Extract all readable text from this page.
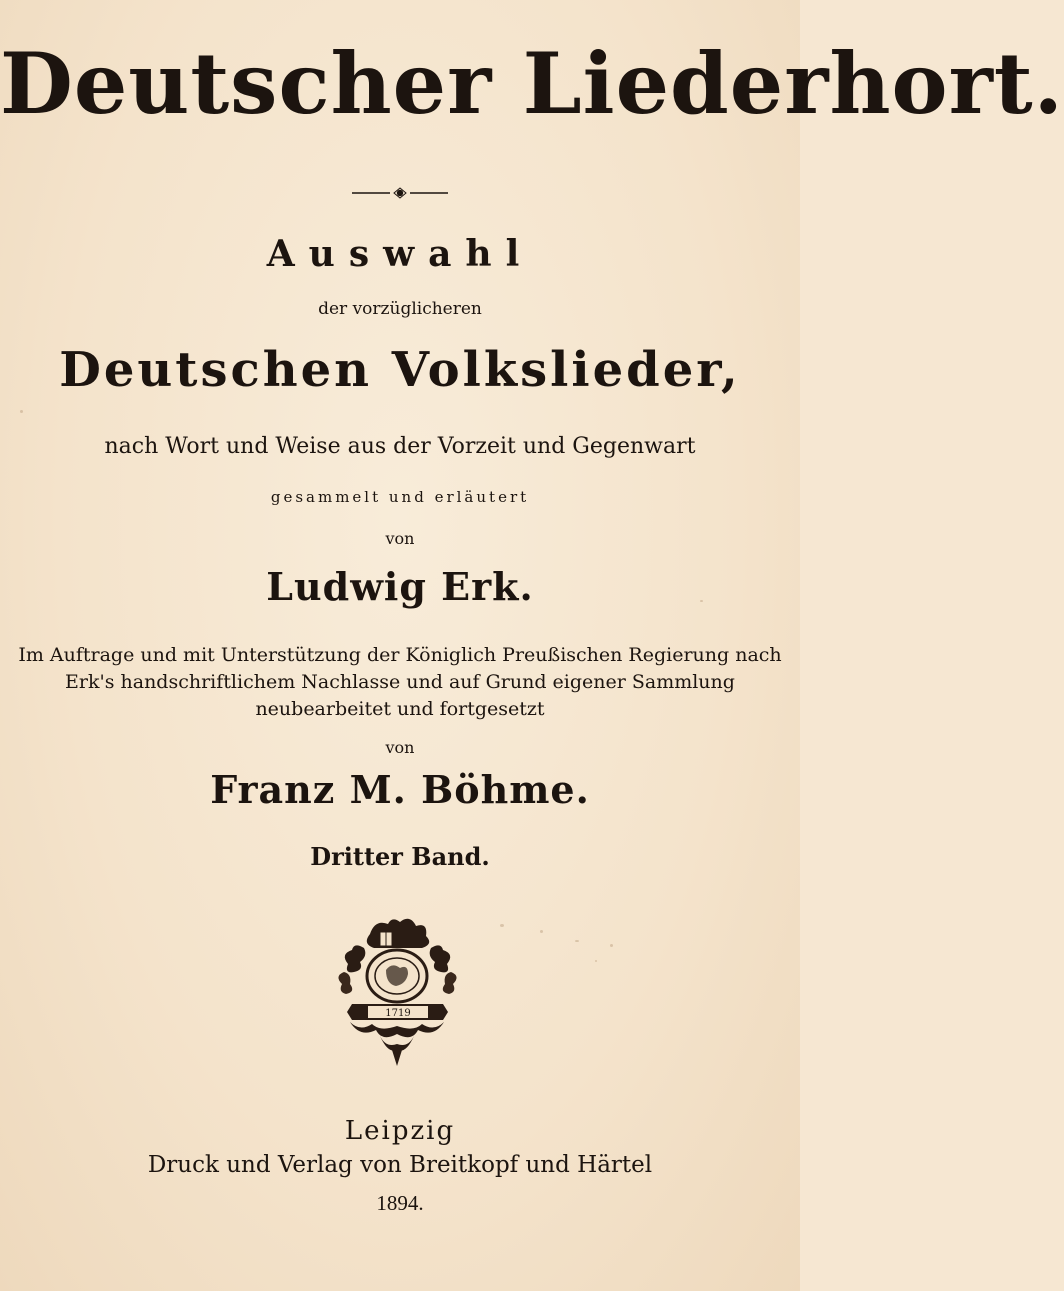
Deutscher Liederhort.
Auswahl
der vorzüglicheren
Deutschen Volkslieder,
nach Wort und Weise aus der Vorzeit und Gegenwart
gesammelt und erläutert
von
Ludwig Erk.
Im Auftrage und mit Unterstützung der Königlich Preußischen Regierung nach
Erk's handschriftlichem Nachlasse und auf Grund eigener Sammlung
neubearbeitet und fortgesetzt
von
Franz M. Böhme.
Dritter Band.
1719
Leipzig
Druck und Verlag von Breitkopf und Härtel
1894.
